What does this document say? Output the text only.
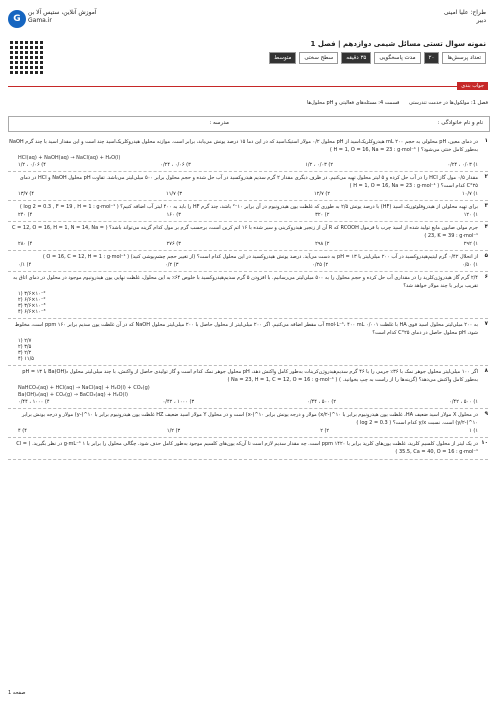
G
آموزش آنلاین، ستیس آلا بن
Gama.ir
طراح: علیا امینی
دبیر
نمونه سوال تستی مسائل شیمی دوازدهم | فصل 1
تعداد پرسش‌ها
۲۰
مدت پاسخگویی
۳۵ دقیقه
سطح سختی
متوسط
جواب بندی
فصل 1: مولکول‌ها در خدمت تندرستی      قسمت 4: مسئله‌های فعالیتی و pH محلول‌ها
نام و نام خانوادگی :
مدرسه :
۱
در دمای معین، pH محلولی به حجم ۲۰۰ mL هیدروکلریک‌اسید از pH محلول ۰/۲ مولار استیک‌اسید که در این دما ۱۵ درصد یونش می‌یابد، برابر است. موازنه محلول هیدروکلریک‌اسید چند است و این مقدار اسید با چند گرم NaOH به‌طور کامل خنثی می‌شود؟ ( H = 1, O = 16, Na = 23 : g·mol⁻¹ )
HCl(aq) + NaOH(aq) → NaCl(aq) + H₂O(l)
۱) ۰/۰۳ ، ۰/۲۴
۲) ۰/۰۳ ، ۱/۲
۳) ۰/۰۶ ، ۰/۲۴
۴) ۰/۰۶ ، ۱/۲
۲
مقدار ۰/۵ مول گاز HCl را در آب حل کرده و ۵ لیتر محلول تهیه می‌کنیم. در ظرف دیگری مقدار ۲ گرم سدیم هیدروکسید در آب حل شده و حجم محلول برابر ۵۰۰ میلی‌لیتر می‌باشد. تفاوت pH محلول NaOH و HCl در دمای ۲۵°C کدام است؟ ( H = 1, O = 16, Na = 23 : g·mol⁻¹ )
۱) ۱۰/۷
۲) ۱۲/۷
۳) ۱۱/۷
۴) ۱۳/۷
۳
برای تهیه محلولی از هیدروفلوئوریک اسید (HF) با درصد یونش ۲/۵ به طوری که غلظت یون هیدرونیوم در آن برابر ۱۰⁻² باشد، چند گرم HF را باید به ۴۰۰ لیتر آب اضافه کنیم؟ ( log 2 = 0.3 , F = 19 , H = 1 : g·mol⁻¹ )
۱) ۱۲۰
۲) ۳۲۰
۳) ۱۶۰
۴) ۲۴۰
۴
جرم مولی صابون مایع تولید شده از اسید چرب با فرمول RCOOH که R آن از زنجیر هیدروکربنی و سیر شده با ۱۶ اتم کربن است، برحسب گرم بر مول کدام گزینه می‌تواند باشد؟ ( C = 12, O = 16, H = 1, N = 14, Na = 23, K = 39 : g·mol⁻¹ )
۱) ۲۹۲
۲) ۲۹۸
۳) ۲۷۶
۴) ۲۸۰
۵
از انحلال ۰/۴۲ گرم لیتیم‌هیدروکسید در آب ۲۰۰ میلی‌لیتر با pH = ۱۳ به دست می‌آید. درصد یونش هیدروکسید در این محلول کدام است؟ (از تغییر حجم چشم‌پوشی کنید) ( O = 16, C = 12, H = 1 : g·mol⁻¹ )
۱) ۰/۵۰
۲) ۰/۲۵
۳) ۰/۲
۴) ۰/۱
۶
۲/۴ گرم گاز هیدروژن‌کلرید را در مقداری آب حل کرده و حجم محلول را به ۵۰۰ میلی‌لیتر می‌رسانیم. با افزودن ۵ گرم سدیم‌هیدروکسید با خلوص ۶۴٪ به این محلول، غلظت نهایی یون هیدرونیوم موجود در محلول در دمای اتاق به تقریب برابر با چند مولار خواهد شد؟
۱) ۳/۶×۱۰⁻²
۲) ۶/۶×۱۰⁻²
۳) ۳/۶×۱۰⁻³
۴) ۶/۶×۱۰⁻³
۷
به ۲۰۰ میلی‌لیتر محلول اسید قوی HA با غلظت ۰/۰۰۱ mol·L⁻¹، ۴۰۰ mL آب مقطر اضافه می‌کنیم. اگر ۲۰۰ میلی‌لیتر از محلول حاصل با ۲۰۰ میلی‌لیتر محلول NaOH که در آن غلظت یون سدیم برابر ۱۶۰ ppm است، مخلوط شود، pH محلول حاصل در دمای ۲۵°C کدام است؟
۱) ۲/۷
۲) ۳/۵
۳) ۲/۲
۴) ۱۱/۵
۸
اگر ۱۰۰ میلی‌لیتر محلول جوهر نمک با ۳۶٪ جرمی را با ۴۶ گرم سدیم‌هیدروژن‌کربنات به‌طور کامل واکنش دهد، pH محلول جوهر نمک کدام است و گاز تولیدی حاصل از واکنش، با چند میلی‌لیتر محلول Ba(OH)₂ با pH = ۱۳ به‌طور کامل واکنش می‌دهد؟ (گزینه‌ها را از راست به چپ بخوانید. ) ( Na = 23, H = 1, C = 12, O = 16 : g·mol⁻¹ )
NaHCO₃(aq) + HCl(aq) → NaCl(aq) + H₂O(l) + CO₂(g)
Ba(OH)₂(aq) + CO₂(g) → BaCO₃(aq) + H₂O(l)
۱) ۵۰۰ ، ۰/۴۲
۲) ۵۰۰ ، ۰/۴۴
۳) ۱۰۰۰ ، ۰/۴۲
۴) ۱۰۰۰ ، ۰/۴۴
۹
در محلول X مولار اسید ضعیف HA، غلظت یون هیدرونیوم برابر با ۱۰^(-x/۲) مولار و درجه یونش برابر ۱۰^(-x) است و در محلول Y مولار اسید ضعیف HZ غلظت یون هیدرونیوم برابر با ۱۰^(-y) مولار و درجه یونش برابر ۱۰^(-y/۲) است. نسبت y/x کدام است؟ ( log 2 = 0.3 )
۱) ۱
۲) ۲
۳) ۱/۲
۴) ۴
۱۰
در یک لیتر از محلول کلسیم کلرید، غلظت یون‌های کلرید برابر با ۱۴۲۰ ppm است. چه مقدار سدیم لازم است تا آن‌که یون‌های کلسیم موجود به‌طور کامل حذف شود. چگالی محلول را برابر با ۱ g·mL⁻¹ در نظر بگیرید. ( Cl = 35.5, Ca = 40, O = 16 : g·mol⁻¹ )
صفحه 1
